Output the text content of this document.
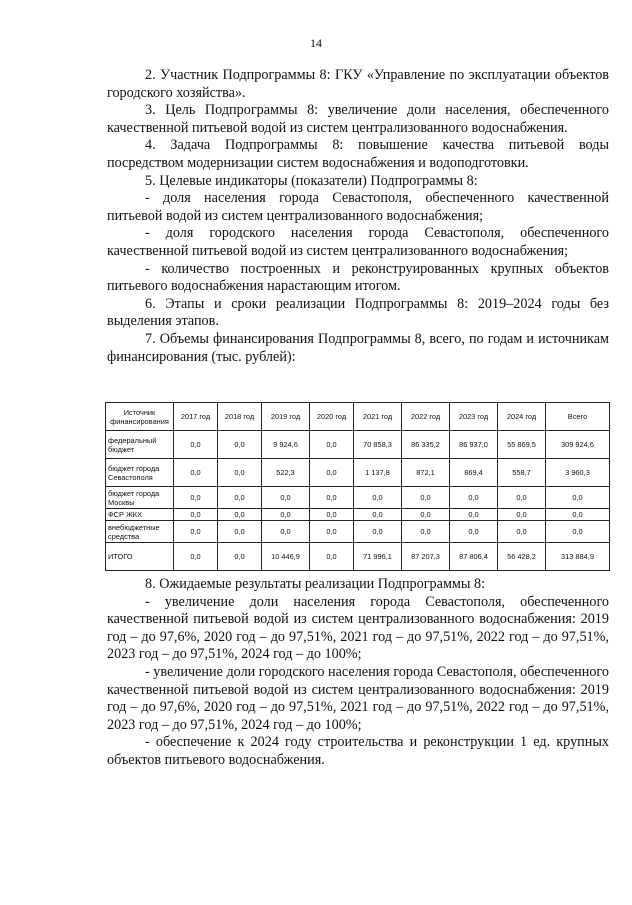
14

2. Участник Подпрограммы 8: ГКУ «Управление по эксплуатации объектов городского хозяйства».

3. Цель Подпрограммы 8: увеличение доли населения, обеспеченного качественной питьевой водой из систем централизованного водоснабжения.

4. Задача Подпрограммы 8: повышение качества питьевой воды посредством модернизации систем водоснабжения и водоподготовки.

5. Целевые индикаторы (показатели) Подпрограммы 8:

- доля населения города Севастополя, обеспеченного качественной питьевой водой из систем централизованного водоснабжения;

- доля городского населения города Севастополя, обеспеченного качественной питьевой водой из систем централизованного водоснабжения;

- количество построенных и реконструированных крупных объектов питьевого водоснабжения нарастающим итогом.

6. Этапы и сроки реализации Подпрограммы 8: 2019–2024 годы без выделения этапов.

7. Объемы финансирования Подпрограммы 8, всего, по годам и источникам финансирования (тыс. рублей):

Источник финансирования	2017 год	2018 год	2019 год	2020 год	2021 год	2022 год	2023 год	2024 год	Всего
федеральный бюджет	0,0	0,0	9 924,6	0,0	70 858,3	86 335,2	86 937,0	55 869,5	309 924,6
бюджет города Севастополя	0,0	0,0	522,3	0,0	1 137,8	872,1	869,4	558,7	3 960,3
бюджет города Москвы	0,0	0,0	0,0	0,0	0,0	0,0	0,0	0,0	0,0
ФСР ЖКХ	0,0	0,0	0,0	0,0	0,0	0,0	0,0	0,0	0,0
внебюджетные средства	0,0	0,0	0,0	0,0	0,0	0,0	0,0	0,0	0,0
ИТОГО	0,0	0,0	10 446,9	0,0	71 996,1	87 207,3	87 806,4	56 428,2	313 884,9

8. Ожидаемые результаты реализации Подпрограммы 8:

- увеличение доли населения города Севастополя, обеспеченного качественной питьевой водой из систем централизованного водоснабжения: 2019 год – до 97,6%, 2020 год – до 97,51%, 2021 год – до 97,51%, 2022 год – до 97,51%, 2023 год – до 97,51%, 2024 год – до 100%;

- увеличение доли городского населения города Севастополя, обеспеченного качественной питьевой водой из систем централизованного водоснабжения: 2019 год – до 97,6%, 2020 год – до 97,51%, 2021 год – до 97,51%, 2022 год – до 97,51%, 2023 год – до 97,51%, 2024 год – до 100%;

- обеспечение к 2024 году строительства и реконструкции 1 ед. крупных объектов питьевого водоснабжения.
